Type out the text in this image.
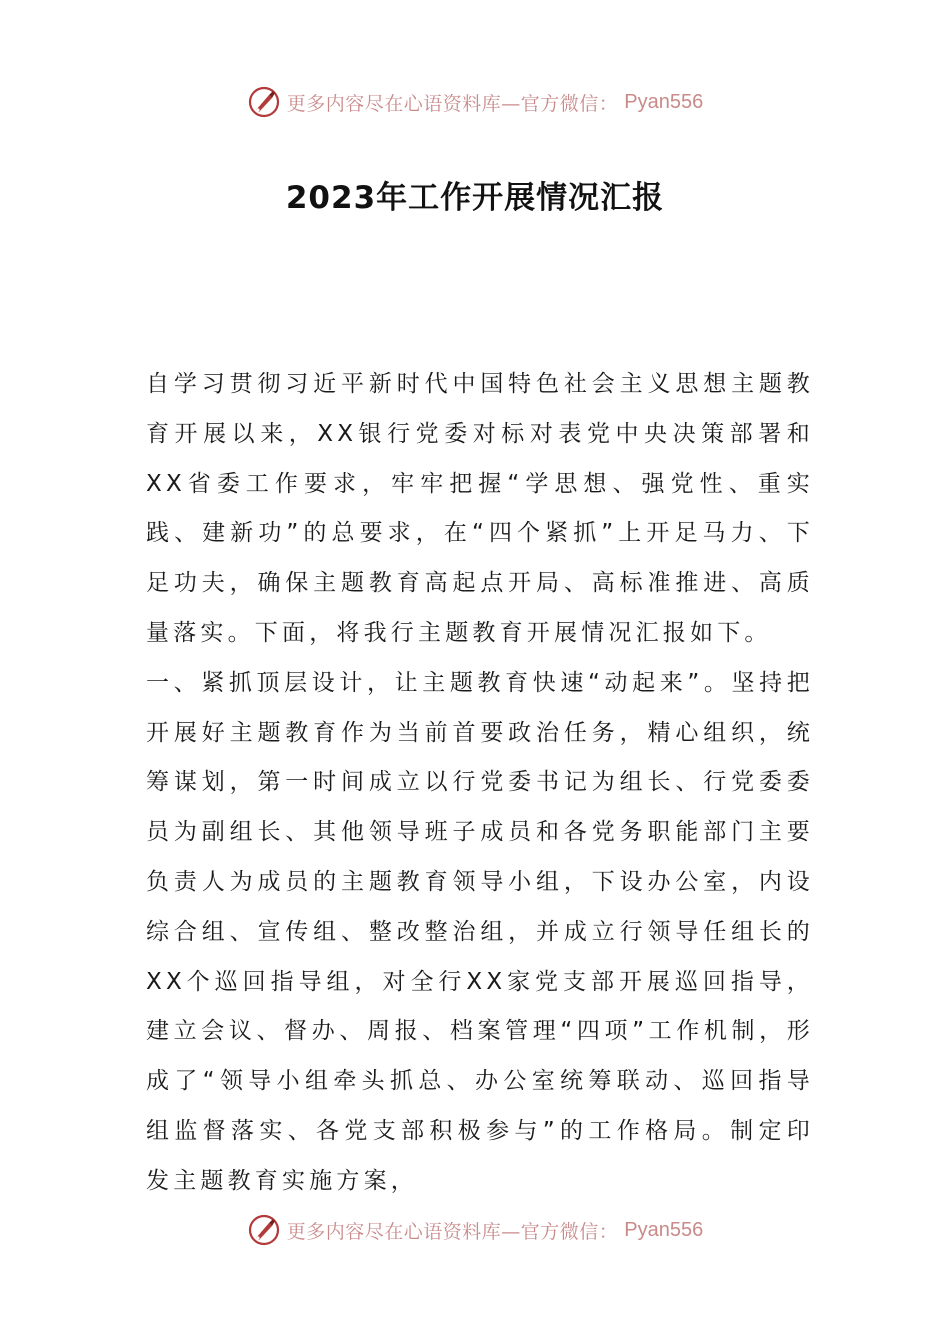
更多内容尽在心语资料库—官方微信： Pyan556
2023年工作开展情况汇报

自学习贯彻习近平新时代中国特色社会主义思想主题教育开展以来，XX银行党委对标对表党中央决策部署和XX省委工作要求，牢牢把握“学思想、强党性、重实践、建新功”的总要求，在“四个紧抓”上开足马力、下足功夫，确保主题教育高起点开局、高标准推进、高质量落实。下面，将我行主题教育开展情况汇报如下。

一、紧抓顶层设计，让主题教育快速“动起来”。坚持把开展好主题教育作为当前首要政治任务，精心组织，统筹谋划，第一时间成立以行党委书记为组长、行党委委员为副组长、其他领导班子成员和各党务职能部门主要负责人为成员的主题教育领导小组，下设办公室，内设综合组、宣传组、整改整治组，并成立行领导任组长的XX个巡回指导组，对全行XX家党支部开展巡回指导，建立会议、督办、周报、档案管理“四项”工作机制，形成了“领导小组牵头抓总、办公室统筹联动、巡回指导组监督落实、各党支部积极参与”的工作格局。制定印发主题教育实施方案，

更多内容尽在心语资料库—官方微信： Pyan556
